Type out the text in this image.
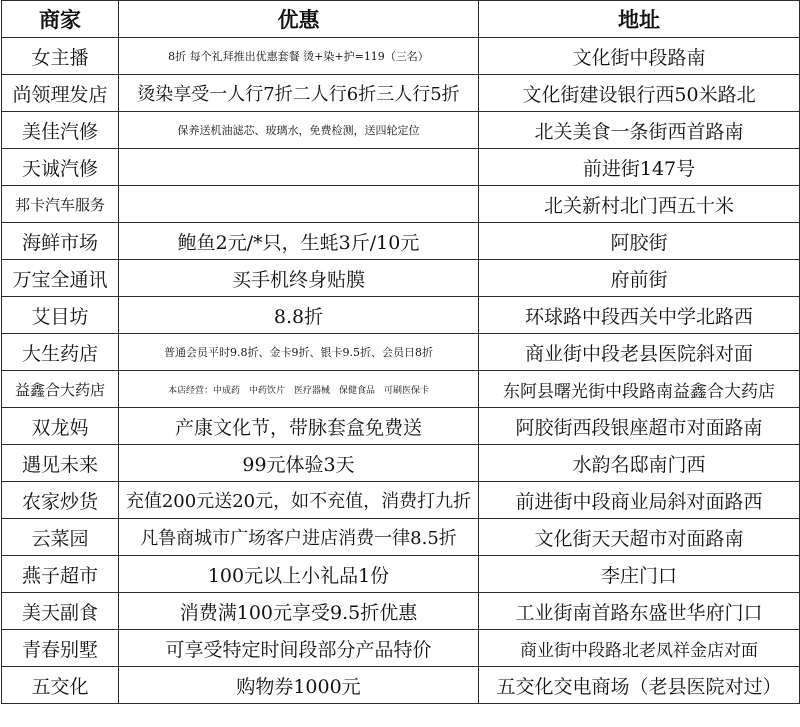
商家	优惠	地址
女主播	8折 每个礼拜推出优惠套餐 烫+染+护=119（三名）	文化街中段路南
尚领理发店	烫染享受一人行7折二人行6折三人行5折	文化街建设银行西50米路北
美佳汽修	保养送机油滤芯、玻璃水，免费检测，送四轮定位	北关美食一条街西首路南
天诚汽修		前进街147号
邦卡汽车服务		北关新村北门西五十米
海鲜市场	鲍鱼2元/*只，生蚝3斤/10元	阿胶街
万宝全通讯	买手机终身贴膜	府前街
艾目坊	8.8折	环球路中段西关中学北路西
大生药店	普通会员平时9.8折、金卡9折、银卡9.5折、会员日8折	商业街中段老县医院斜对面
益鑫合大药店	本店经营：中成药　中药饮片　医疗器械　保健食品　可刷医保卡	东阿县曙光街中段路南益鑫合大药店
双龙妈	产康文化节，带脉套盒免费送	阿胶街西段银座超市对面路南
遇见未来	99元体验3天	水韵名邸南门西
农家炒货	充值200元送20元，如不充值，消费打九折	前进街中段商业局斜对面路西
云菜园	凡鲁商城市广场客户进店消费一律8.5折	文化街天天超市对面路南
燕子超市	100元以上小礼品1份	李庄门口
美天副食	消费满100元享受9.5折优惠	工业街南首路东盛世华府门口
青春别墅	可享受特定时间段部分产品特价	商业街中段路北老凤祥金店对面
五交化	购物券1000元	五交化交电商场（老县医院对过）
